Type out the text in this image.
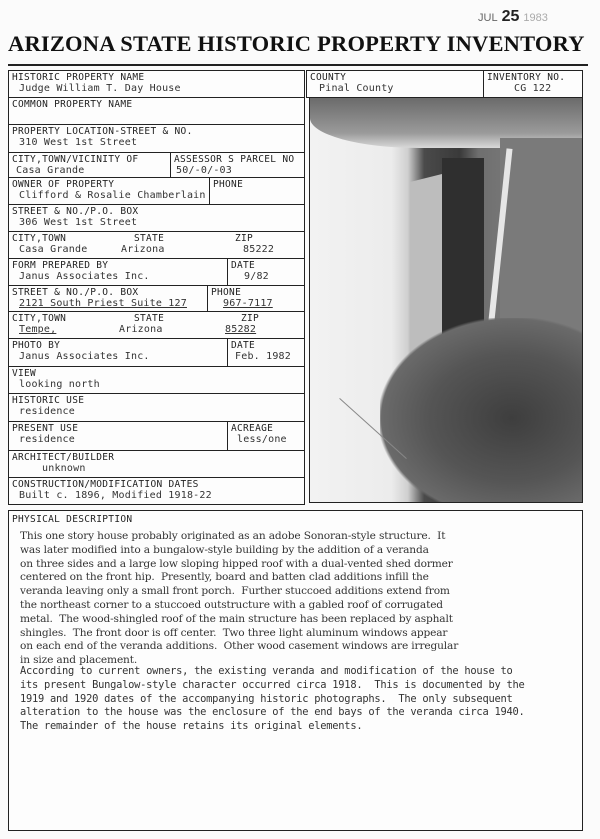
JUL 25 1983
ARIZONA STATE HISTORIC PROPERTY INVENTORY
HISTORIC PROPERTY NAME
Judge William T. Day House
COMMON PROPERTY NAME
PROPERTY LOCATION-STREET & NO.
310 West 1st Street
CITY,TOWN/VICINITY OF
Casa Grande
ASSESSOR S PARCEL NO
50/-0/-03
OWNER OF PROPERTY
Clifford & Rosalie Chamberlain
PHONE
STREET & NO./P.O. BOX
306 West 1st Street
CITY,TOWN
Casa Grande
STATE
Arizona
ZIP
85222
FORM PREPARED BY
Janus Associates Inc.
DATE
9/82
STREET & NO./P.O. BOX
2121 South Priest Suite 127
PHONE
967-7117
CITY,TOWN
Tempe,
STATE
Arizona
ZIP
85282
PHOTO BY
Janus Associates Inc.
DATE
Feb. 1982
VIEW
looking north
HISTORIC USE
residence
PRESENT USE
residence
ACREAGE
less/one
ARCHITECT/BUILDER
unknown
CONSTRUCTION/MODIFICATION DATES
Built c. 1896, Modified 1918-22
COUNTY
Pinal County
INVENTORY NO.
CG 122
PHYSICAL DESCRIPTION
This one story house probably originated as an adobe Sonoran-style structure.  It
was later modified into a bungalow-style building by the addition of a veranda
on three sides and a large low sloping hipped roof with a dual-vented shed dormer
centered on the front hip.  Presently, board and batten clad additions infill the
veranda leaving only a small front porch.  Further stuccoed additions extend from
the northeast corner to a stuccoed outstructure with a gabled roof of corrugated
metal.  The wood-shingled roof of the main structure has been replaced by asphalt
shingles.  The front door is off center.  Two three light aluminum windows appear
on each end of the veranda additions.  Other wood casement windows are irregular
in size and placement.
According to current owners, the existing veranda and modification of the house to
its present Bungalow-style character occurred circa 1918.  This is documented by the
1919 and 1920 dates of the accompanying historic photographs.  The only subsequent
alteration to the house was the enclosure of the end bays of the veranda circa 1940.
The remainder of the house retains its original elements.
